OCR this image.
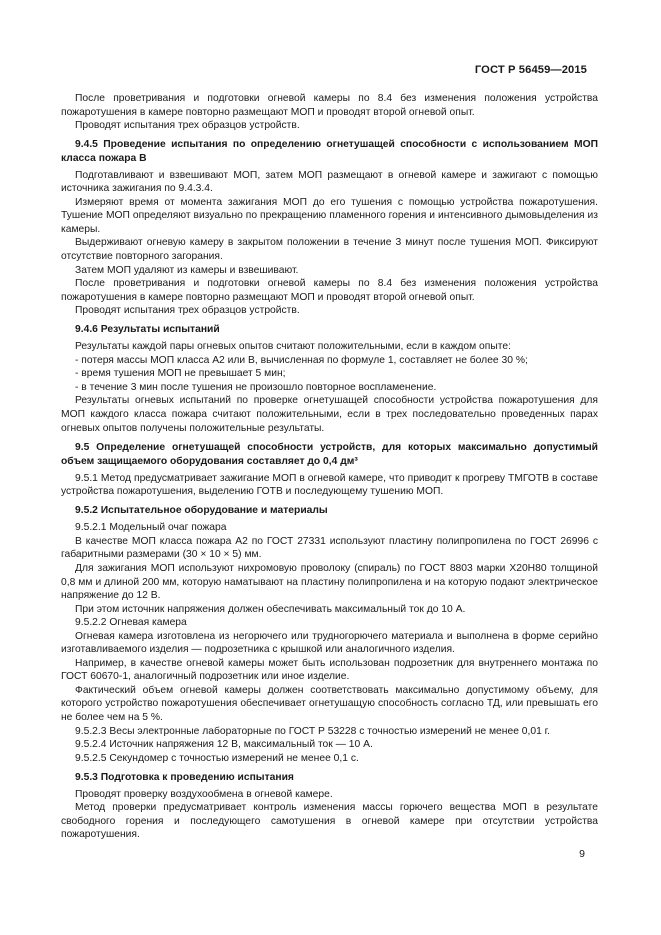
ГОСТ Р 56459—2015

После проветривания и подготовки огневой камеры по 8.4 без изменения положения устройства пожаротушения в камере повторно размещают МОП и проводят второй огневой опыт.

Проводят испытания трех образцов устройств.

9.4.5 Проведение испытания по определению огнетушащей способности с использованием МОП класса пожара В

Подготавливают и взвешивают МОП, затем МОП размещают в огневой камере и зажигают с помощью источника зажигания по 9.4.3.4.

Измеряют время от момента зажигания МОП до его тушения с помощью устройства пожаротушения. Тушение МОП определяют визуально по прекращению пламенного горения и интенсивного дымовыделения из камеры.

Выдерживают огневую камеру в закрытом положении в течение 3 минут после тушения МОП. Фиксируют отсутствие повторного загорания.

Затем МОП удаляют из камеры и взвешивают.

После проветривания и подготовки огневой камеры по 8.4 без изменения положения устройства пожаротушения в камере повторно размещают МОП и проводят второй огневой опыт.

Проводят испытания трех образцов устройств.

9.4.6 Результаты испытаний

Результаты каждой пары огневых опытов считают положительными, если в каждом опыте:

- потеря массы МОП класса А2 или В, вычисленная по формуле 1, составляет не более 30 %;

- время тушения МОП не превышает 5 мин;

- в течение 3 мин после тушения не произошло повторное воспламенение.

Результаты огневых испытаний по проверке огнетушащей способности устройства пожаротушения для МОП каждого класса пожара считают положительными, если в трех последовательно проведенных парах огневых опытов получены положительные результаты.

9.5 Определение огнетушащей способности устройств, для которых максимально допустимый объем защищаемого оборудования составляет до 0,4 дм³

9.5.1 Метод предусматривает зажигание МОП в огневой камере, что приводит к прогреву ТМГОТВ в составе устройства пожаротушения, выделению ГОТВ и последующему тушению МОП.

9.5.2 Испытательное оборудование и материалы

9.5.2.1 Модельный очаг пожара

В качестве МОП класса пожара А2 по ГОСТ 27331 используют пластину полипропилена по ГОСТ 26996 с габаритными размерами (30 × 10 × 5) мм.

Для зажигания МОП используют нихромовую проволоку (спираль) по ГОСТ 8803 марки Х20Н80 толщиной 0,8 мм и длиной 200 мм, которую наматывают на пластину полипропилена и на которую подают электрическое напряжение до 12 В.

При этом источник напряжения должен обеспечивать максимальный ток до 10 А.

9.5.2.2 Огневая камера

Огневая камера изготовлена из негорючего или трудногорючего материала и выполнена в форме серийно изготавливаемого изделия — подрозетника с крышкой или аналогичного изделия.

Например, в качестве огневой камеры может быть использован подрозетник для внутреннего монтажа по ГОСТ 60670-1, аналогичный подрозетник или иное изделие.

Фактический объем огневой камеры должен соответствовать максимально допустимому объему, для которого устройство пожаротушения обеспечивает огнетушащую способность согласно ТД, или превышать его не более чем на 5 %.

9.5.2.3 Весы электронные лабораторные по ГОСТ Р 53228 с точностью измерений не менее 0,01 г.

9.5.2.4 Источник напряжения 12 В, максимальный ток — 10 А.

9.5.2.5 Секундомер с точностью измерений не менее 0,1 с.

9.5.3 Подготовка к проведению испытания

Проводят проверку воздухообмена в огневой камере.

Метод проверки предусматривает контроль изменения массы горючего вещества МОП в результате свободного горения и последующего самотушения в огневой камере при отсутствии устройства пожаротушения.

9
